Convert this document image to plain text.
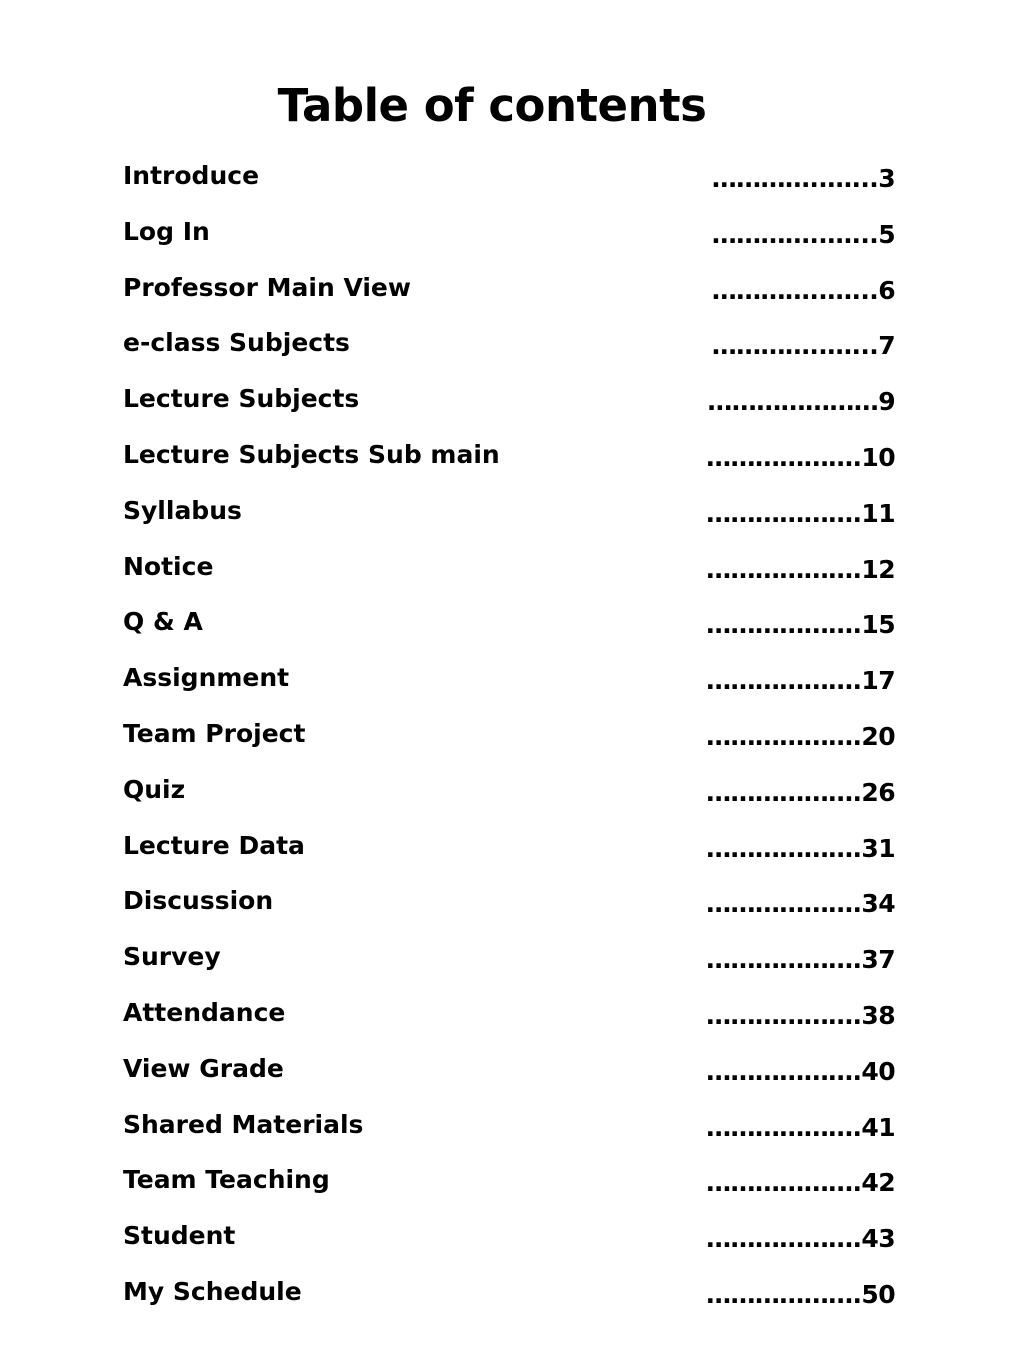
Table of contents
Introduce	…………..…...3
Log In	…………..…...5
Professor Main View	…………..…...6
e-class Subjects	…………..…...7
Lecture Subjects	…………………9
Lecture Subjects Sub main	……………….10
Syllabus	……………….11
Notice	……………….12
Q & A	……………….15
Assignment	……………….17
Team Project	……………….20
Quiz	……………….26
Lecture Data	……………….31
Discussion	……………….34
Survey	……………….37
Attendance	……………….38
View Grade	……………….40
Shared Materials	……………….41
Team Teaching	……………….42
Student	……………….43
My Schedule	……………….50
